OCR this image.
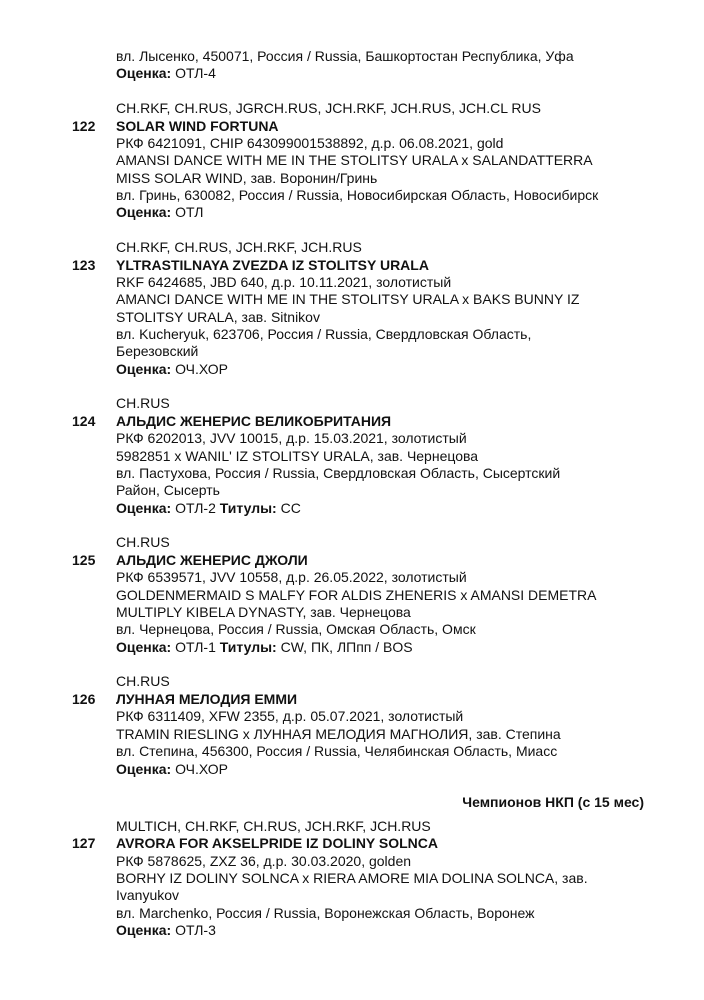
вл. Лысенко, 450071, Россия / Russia, Башкортостан Республика, Уфа
Оценка: ОТЛ-4
CH.RKF, CH.RUS, JGRCH.RUS, JCH.RKF, JCH.RUS, JCH.CL RUS
122 SOLAR WIND FORTUNA
РКФ 6421091, CHIP 643099001538892, д.р. 06.08.2021, gold
AMANSI DANCE WITH ME IN THE STOLITSY URALA x SALANDATTERRA
MISS SOLAR WIND, зав. Воронин/Гринь
вл. Гринь, 630082, Россия / Russia, Новосибирская Область, Новосибирск
Оценка: ОТЛ
CH.RKF, CH.RUS, JCH.RKF, JCH.RUS
123 YLTRASTILNAYA ZVEZDA IZ STOLITSY URALA
RKF 6424685, JBD 640, д.р. 10.11.2021, золотистый
AMANCI DANCE WITH ME IN THE STOLITSY URALA x BAKS BUNNY IZ
STOLITSY URALA, зав. Sitnikov
вл. Kucheryuk, 623706, Россия / Russia, Свердловская Область,
Березовский
Оценка: ОЧ.ХОР
CH.RUS
124 АЛЬДИС ЖЕНЕРИС ВЕЛИКОБРИТАНИЯ
РКФ 6202013, JVV 10015, д.р. 15.03.2021, золотистый
5982851 x WANIL' IZ STOLITSY URALA, зав. Чернецова
вл. Пастухова, Россия / Russia, Свердловская Область, Сысертский
Район, Сысерть
Оценка: ОТЛ-2 Титулы: СС
CH.RUS
125 АЛЬДИС ЖЕНЕРИС ДЖОЛИ
РКФ 6539571, JVV 10558, д.р. 26.05.2022, золотистый
GOLDENMERMAID S MALFY FOR ALDIS ZHENERIS x AMANSI DEMETRA
MULTIPLY KIBELA DYNASTY, зав. Чернецова
вл. Чернецова, Россия / Russia, Омская Область, Омск
Оценка: ОТЛ-1 Титулы: CW, ПК, ЛПпп / BOS
CH.RUS
126 ЛУННАЯ МЕЛОДИЯ ЕММИ
РКФ 6311409, XFW 2355, д.р. 05.07.2021, золотистый
TRAMIN RIESLING x ЛУННАЯ МЕЛОДИЯ МАГНОЛИЯ, зав. Степина
вл. Степина, 456300, Россия / Russia, Челябинская Область, Миасс
Оценка: ОЧ.ХОР
Чемпионов НКП (с 15 мес)
MULTICH, CH.RKF, CH.RUS, JCH.RKF, JCH.RUS
127 AVRORA FOR AKSELPRIDE IZ DOLINY SOLNCA
РКФ 5878625, ZXZ 36, д.р. 30.03.2020, golden
BORHY IZ DOLINY SOLNCA x RIERA AMORE MIA DOLINA SOLNCA, зав.
Ivanyukov
вл. Marchenko, Россия / Russia, Воронежская Область, Воронеж
Оценка: ОТЛ-3
